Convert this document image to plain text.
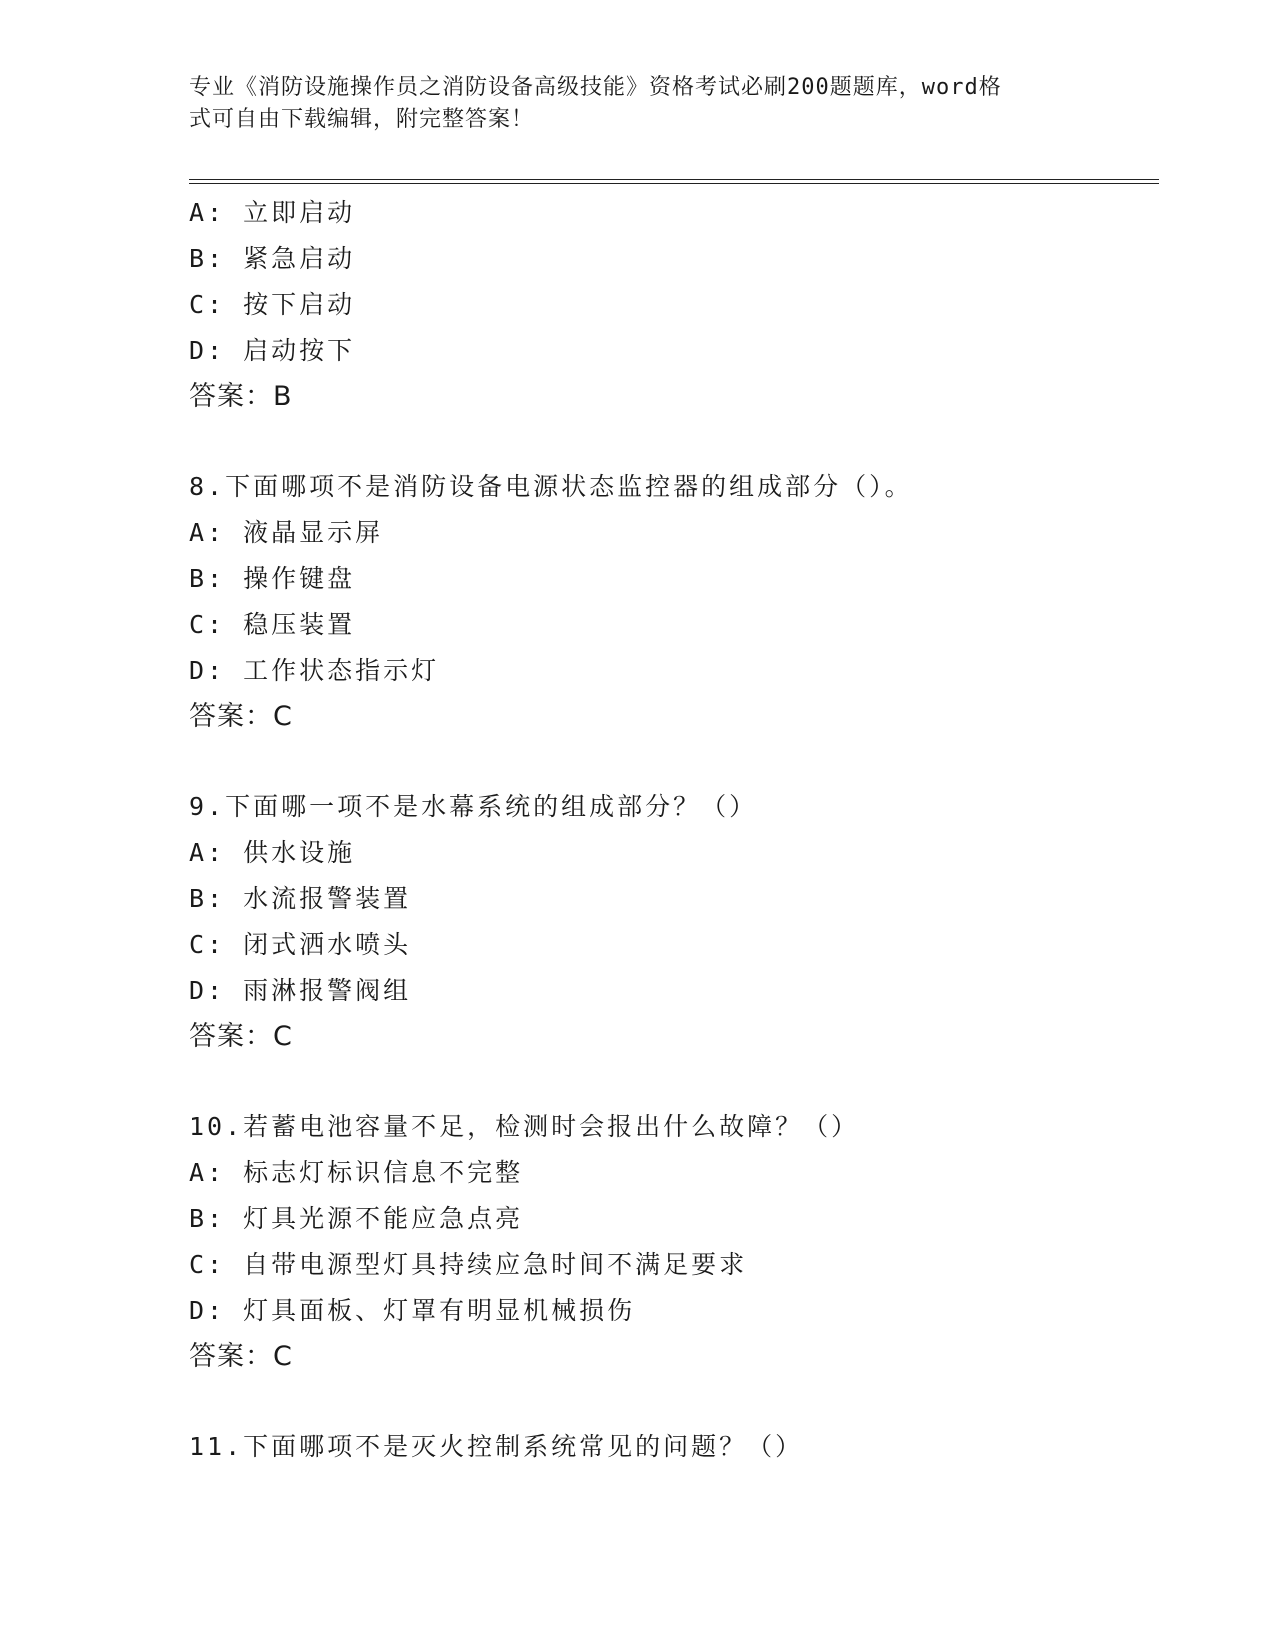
专业《消防设施操作员之消防设备高级技能》资格考试必刷200题题库，word格
式可自由下载编辑，附完整答案！
A: 立即启动
B: 紧急启动
C: 按下启动
D: 启动按下
答案：B
8.下面哪项不是消防设备电源状态监控器的组成部分（）。
A: 液晶显示屏
B: 操作键盘
C: 稳压装置
D: 工作状态指示灯
答案：C
9.下面哪一项不是水幕系统的组成部分？（）
A: 供水设施
B: 水流报警装置
C: 闭式洒水喷头
D: 雨淋报警阀组
答案：C
10.若蓄电池容量不足，检测时会报出什么故障？（）
A: 标志灯标识信息不完整
B: 灯具光源不能应急点亮
C: 自带电源型灯具持续应急时间不满足要求
D: 灯具面板、灯罩有明显机械损伤
答案：C
11.下面哪项不是灭火控制系统常见的问题？（）
